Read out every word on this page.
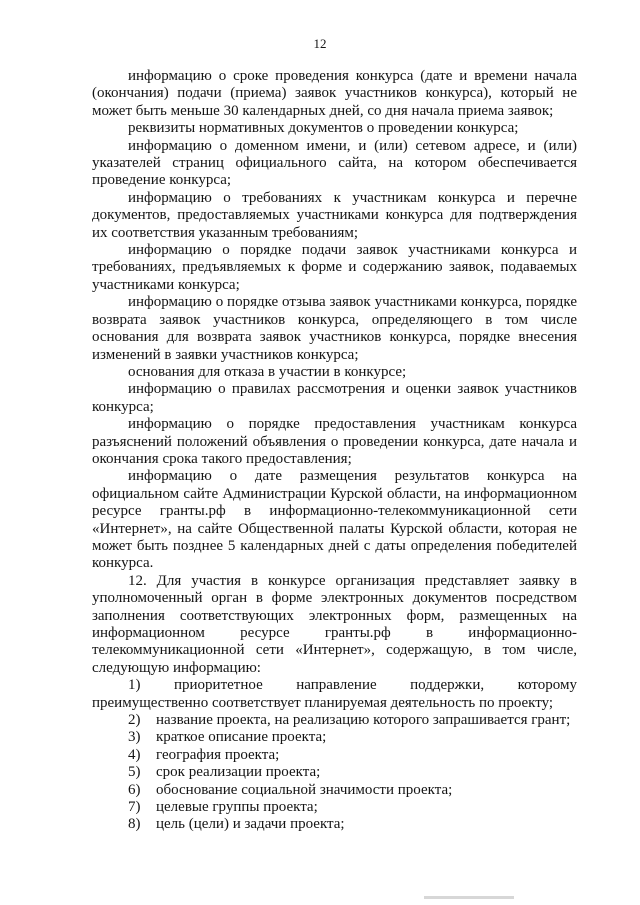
12

информацию о сроке проведения конкурса (дате и времени начала (окончания) подачи (приема) заявок участников конкурса), который не может быть меньше 30 календарных дней, со дня начала приема заявок;

реквизиты нормативных документов о проведении конкурса;

информацию о доменном имени, и (или) сетевом адресе, и (или) указателей страниц официального сайта, на котором обеспечивается проведение конкурса;

информацию о требованиях к участникам конкурса и перечне документов, предоставляемых участниками конкурса для подтверждения их соответствия указанным требованиям;

информацию о порядке подачи заявок участниками конкурса и требованиях, предъявляемых к форме и содержанию заявок, подаваемых участниками конкурса;

информацию о порядке отзыва заявок участниками конкурса, порядке возврата заявок участников конкурса, определяющего в том числе основания для возврата заявок участников конкурса, порядке внесения изменений в заявки участников конкурса;

основания для отказа в участии в конкурсе;

информацию о правилах рассмотрения и оценки заявок участников конкурса;

информацию о порядке предоставления участникам конкурса разъяснений положений объявления о проведении конкурса, дате начала и окончания срока такого предоставления;

информацию о дате размещения результатов конкурса на официальном сайте Администрации Курской области, на информационном ресурсе гранты.рф в информационно-телекоммуникационной сети «Интернет», на сайте Общественной палаты Курской области, которая не может быть позднее 5 календарных дней с даты определения победителей конкурса.

12. Для участия в конкурсе организация представляет заявку в уполномоченный орган в форме электронных документов посредством заполнения соответствующих электронных форм, размещенных на информационном ресурсе гранты.рф в информационно-телекоммуникационной сети «Интернет», содержащую, в том числе, следующую информацию:

1) приоритетное направление поддержки, которому преимущественно соответствует планируемая деятельность по проекту;

2)	название проекта, на реализацию которого запрашивается грант;
3)	краткое описание проекта;
4)	география проекта;
5)	срок реализации проекта;
6)	обоснование социальной значимости проекта;
7)	целевые группы проекта;
8)	цель (цели) и задачи проекта;
